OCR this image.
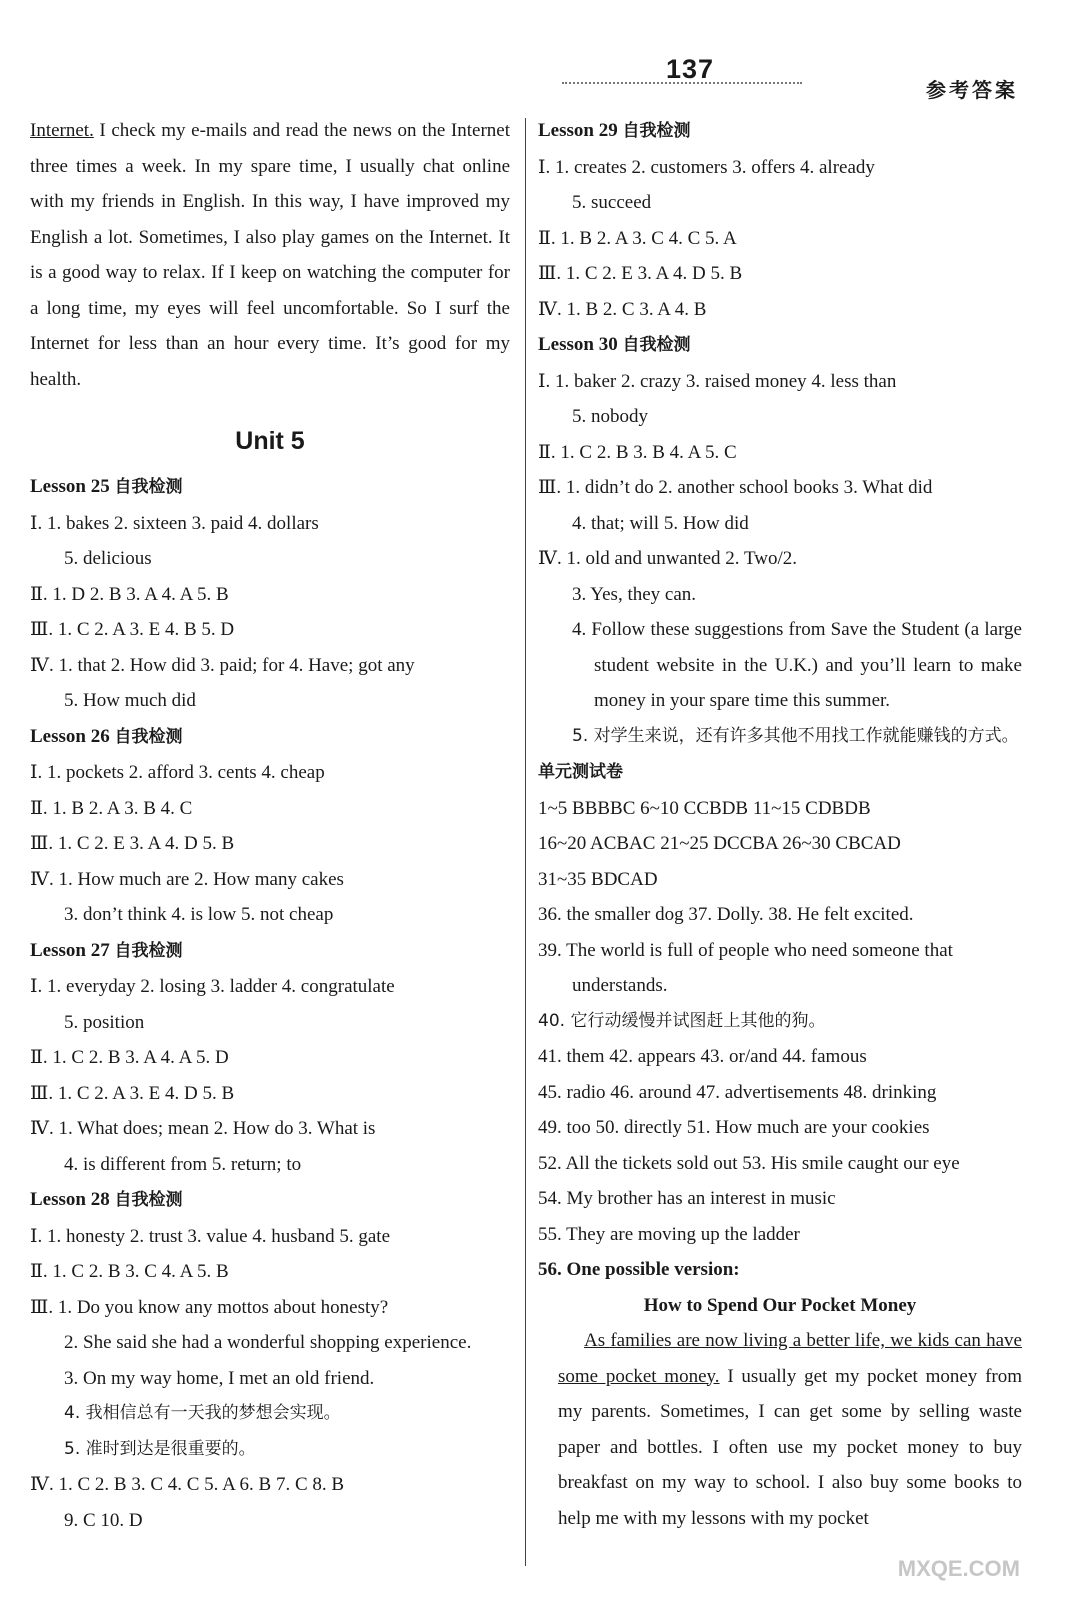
137
参考答案
Internet. I check my e-mails and read the news on the Internet three times a week. In my spare time, I usually chat online with my friends in English. In this way, I have improved my English a lot. Sometimes, I also play games on the Internet. It is a good way to relax. If I keep on watching the computer for a long time, my eyes will feel uncomfortable. So I surf the Internet for less than an hour every time. It’s good for my health.
Unit 5
Lesson 25 自我检测
Ⅰ. 1. bakes 2. sixteen 3. paid 4. dollars
5. delicious
Ⅱ. 1. D 2. B 3. A 4. A 5. B
Ⅲ. 1. C 2. A 3. E 4. B 5. D
Ⅳ. 1. that 2. How did 3. paid; for 4. Have; got any
5. How much did
Lesson 26 自我检测
Ⅰ. 1. pockets 2. afford 3. cents 4. cheap
Ⅱ. 1. B 2. A 3. B 4. C
Ⅲ. 1. C 2. E 3. A 4. D 5. B
Ⅳ. 1. How much are 2. How many cakes
3. don’t think 4. is low 5. not cheap
Lesson 27 自我检测
Ⅰ. 1. everyday 2. losing 3. ladder 4. congratulate
5. position
Ⅱ. 1. C 2. B 3. A 4. A 5. D
Ⅲ. 1. C 2. A 3. E 4. D 5. B
Ⅳ. 1. What does; mean 2. How do 3. What is
4. is different from 5. return; to
Lesson 28 自我检测
Ⅰ. 1. honesty 2. trust 3. value 4. husband 5. gate
Ⅱ. 1. C 2. B 3. C 4. A 5. B
Ⅲ. 1. Do you know any mottos about honesty?
2. She said she had a wonderful shopping experience.
3. On my way home, I met an old friend.
4. 我相信总有一天我的梦想会实现。
5. 准时到达是很重要的。
Ⅳ. 1. C 2. B 3. C 4. C 5. A 6. B 7. C 8. B
9. C 10. D
Lesson 29 自我检测
Ⅰ. 1. creates 2. customers 3. offers 4. already
5. succeed
Ⅱ. 1. B 2. A 3. C 4. C 5. A
Ⅲ. 1. C 2. E 3. A 4. D 5. B
Ⅳ. 1. B 2. C 3. A 4. B
Lesson 30 自我检测
Ⅰ. 1. baker 2. crazy 3. raised money 4. less than
5. nobody
Ⅱ. 1. C 2. B 3. B 4. A 5. C
Ⅲ. 1. didn’t do 2. another school books 3. What did
4. that; will 5. How did
Ⅳ. 1. old and unwanted 2. Two/2.
3. Yes, they can.
4. Follow these suggestions from Save the Student (a large student website in the U.K.) and you’ll learn to make money in your spare time this summer.
5. 对学生来说，还有许多其他不用找工作就能赚钱的方式。
单元测试卷
1~5 BBBBC 6~10 CCBDB 11~15 CDBDB
16~20 ACBAC 21~25 DCCBA 26~30 CBCAD
31~35 BDCAD
36. the smaller dog 37. Dolly. 38. He felt excited.
39. The world is full of people who need someone that
understands.
40. 它行动缓慢并试图赶上其他的狗。
41. them 42. appears 43. or/and 44. famous
45. radio 46. around 47. advertisements 48. drinking
49. too 50. directly 51. How much are your cookies
52. All the tickets sold out 53. His smile caught our eye
54. My brother has an interest in music
55. They are moving up the ladder
56. One possible version:
How to Spend Our Pocket Money
As families are now living a better life, we kids can have some pocket money. I usually get my pocket money from my parents. Sometimes, I can get some by selling waste paper and bottles. I often use my pocket money to buy breakfast on my way to school. I also buy some books to help me with my lessons with my pocket
MXQE.COM
